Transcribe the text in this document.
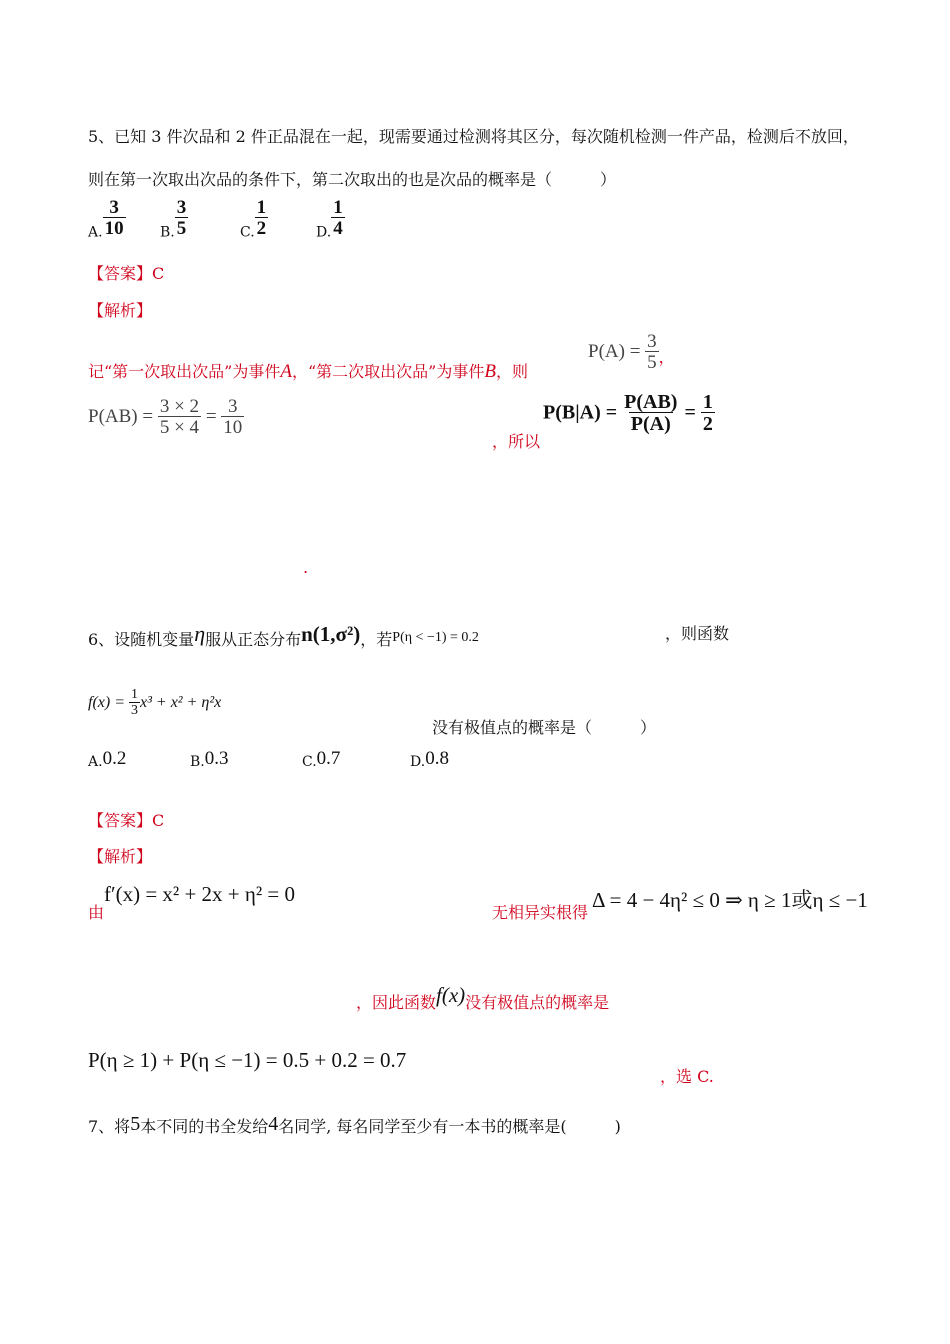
5、已知 3 件次品和 2 件正品混在一起，现需要通过检测将其区分，每次随机检测一件产品，检测后不放回，
则在第一次取出次品的条件下，第二次取出的也是次品的概率是（　　　）
A. $\frac{3}{10} B$. $\frac{3}{5}$	C. $\frac{1}{2}$	D. $\frac{1}{4}$
【答案】C
【解析】
记“第一次取出次品”为事件A，“第二次取出次品”为事件B，则
$P(A) = \frac{3}{5} _,$
$P(AB) = \frac{3 \times 2}{5 \times 4} = \frac{3}{10}$
，所以
$P(B|A) = \frac{P(AB)}{P(A)} = \frac{1}{2}$
.
6、设随机变量η服从正态分布n(1,σ²)，若P(η < −1) = 0.2	，则函数
$f(x) = \frac{1}{3} x^3 + x^2 + \eta^2x$
没有极值点的概率是（　　　）
A.0.2	B.0.3	C.0.7	D.0.8
【答案】C
【解析】
由
f′(x) = x² + 2x + η² = 0
无相异实根得
Δ = 4 − 4η² ≤ 0 ⇒ η ≥ 1或η ≤ −1
，因此函数f(x)没有极值点的概率是
P(η ≥ 1) + P(η ≤ −1) = 0.5 + 0.2 = 0.7
，选 C.
7、将5本不同的书全发给4名同学, 每名同学至少有一本书的概率是(　　　)
